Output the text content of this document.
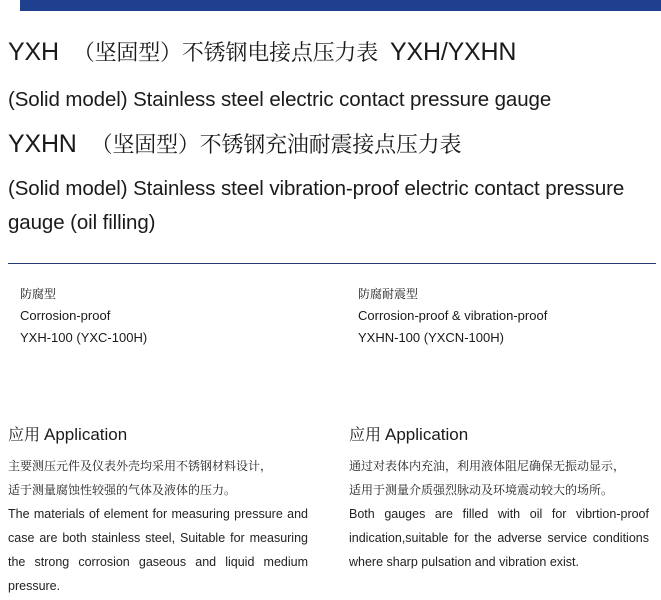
YXH （坚固型）不锈钢电接点压力表 YXH/YXHN
(Solid model) Stainless steel electric contact pressure gauge
YXHN （坚固型）不锈钢充油耐震接点压力表
(Solid model) Stainless steel vibration-proof electric contact pressure gauge (oil filling)
防腐型
Corrosion-proof
YXH-100 (YXC-100H)
防腐耐震型
Corrosion-proof & vibration-proof
YXHN-100 (YXCN-100H)
应用 Application
主要测压元件及仪表外壳均采用不锈钢材料设计，
适于测量腐蚀性较强的气体及液体的压力。
The materials of element for measuring pressure and case are both stainless steel, Suitable for measuring the strong corrosion gaseous and liquid medium pressure.
应用 Application
通过对表体内充油，利用液体阻尼确保无振动显示，
适用于测量介质强烈脉动及环境震动较大的场所。
Both gauges are filled with oil for vibrtion-proof indication,suitable for the adverse service conditions where sharp pulsation and vibration exist.
